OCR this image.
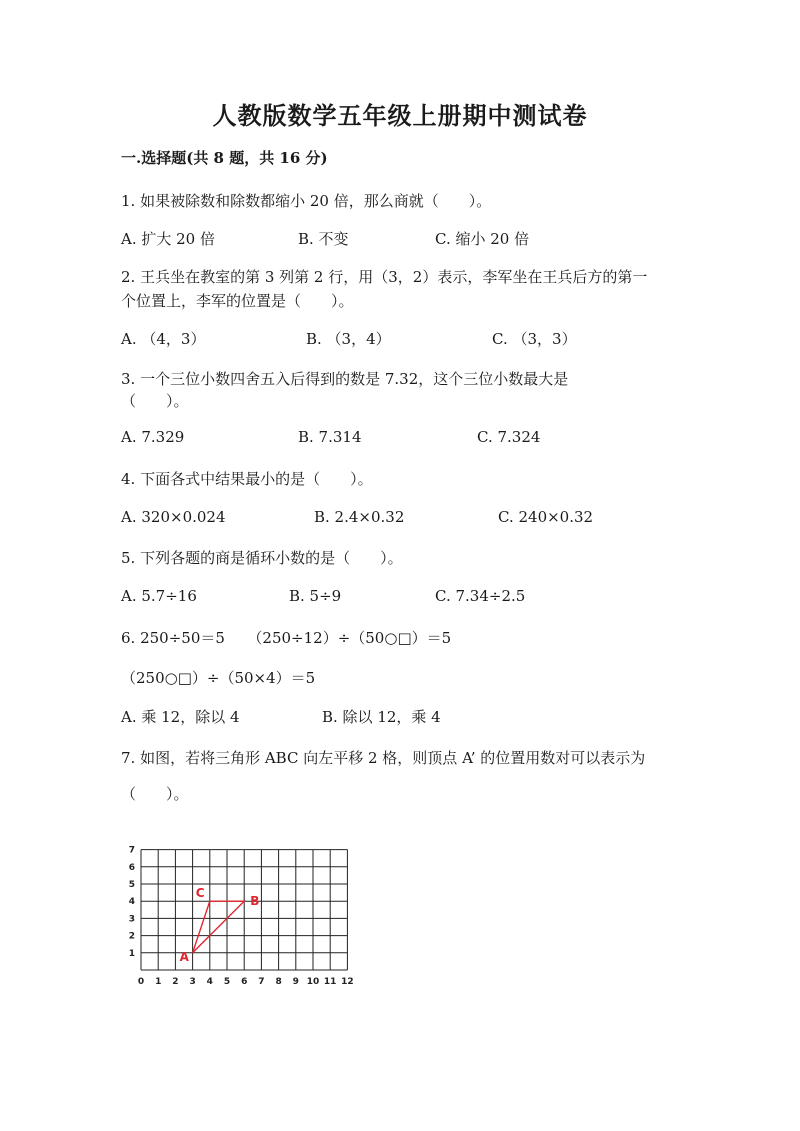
人教版数学五年级上册期中测试卷
一.选择题(共 8 题，共 16 分)
1. 如果被除数和除数都缩小 20 倍，那么商就（　　）。
A. 扩大 20 倍	B. 不变	C. 缩小 20 倍
2. 王兵坐在教室的第 3 列第 2 行，用（3，2）表示，李军坐在王兵后方的第一
个位置上，李军的位置是（　　）。
A. （4，3）	B. （3，4）	C. （3，3）
3. 一个三位小数四舍五入后得到的数是 7.32，这个三位小数最大是
（　　）。
A. 7.329	B. 7.314	C. 7.324
4. 下面各式中结果最小的是（　　）。
A. 320×0.024	B. 2.4×0.32	C. 240×0.32
5. 下列各题的商是循环小数的是（　　）。
A. 5.7÷16	B. 5÷9	C. 7.34÷2.5
6. 250÷50＝5　　（250÷12）÷（50○□）＝5
（250○□）÷（50×4）＝5
A. 乘 12，除以 4	B. 除以 12，乘 4
7. 如图，若将三角形 ABC 向左平移 2 格，则顶点 A’ 的位置用数对可以表示为
（　　）。
0 1 2 3 4 5 6 7 8 9 10 11 12
1
2
3
4
5
6
7
A
B
C
